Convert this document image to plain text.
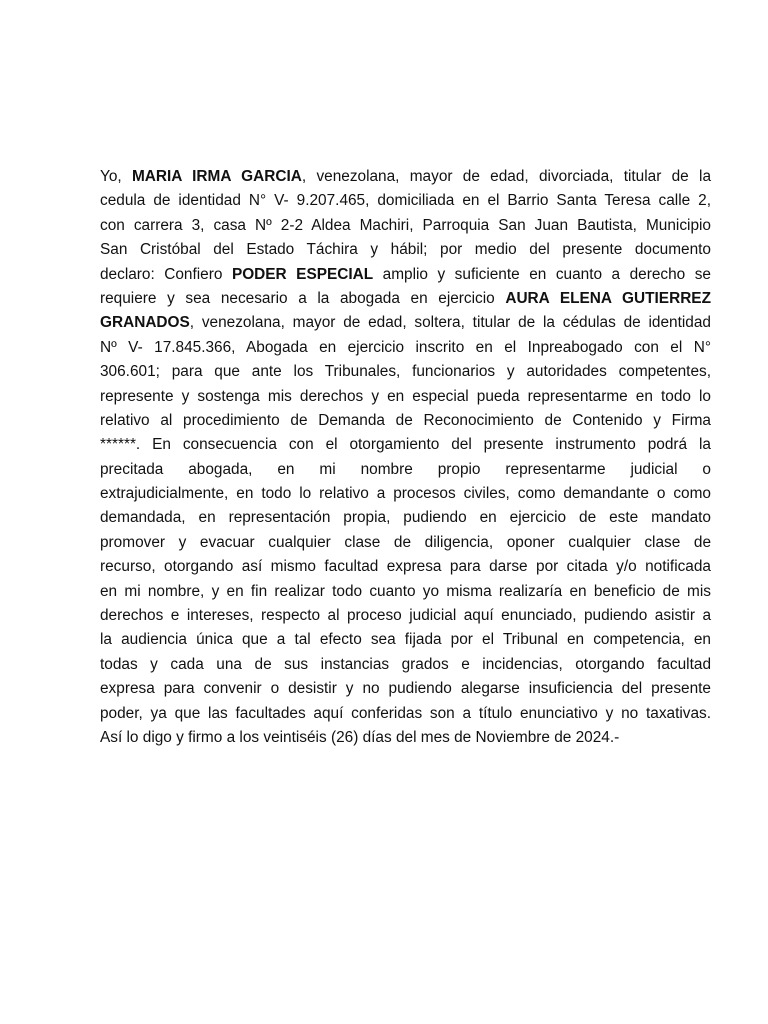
Yo, MARIA IRMA GARCIA, venezolana, mayor de edad, divorciada, titular de la
cedula de identidad N° V- 9.207.465, domiciliada en el Barrio Santa Teresa calle 2,
con carrera 3, casa Nº 2-2 Aldea Machiri, Parroquia San Juan Bautista, Municipio
San Cristóbal del Estado Táchira y hábil; por medio del presente documento
declaro: Confiero PODER ESPECIAL amplio y suficiente en cuanto a derecho se
requiere y sea necesario a la abogada en ejercicio AURA ELENA GUTIERREZ
GRANADOS, venezolana, mayor de edad, soltera, titular de la cédulas de identidad
Nº V- 17.845.366, Abogada en ejercicio inscrito en el Inpreabogado con el N°
306.601; para que ante los Tribunales, funcionarios y autoridades competentes,
represente y sostenga mis derechos y en especial pueda representarme en todo lo
relativo al procedimiento de Demanda de Reconocimiento de Contenido y Firma
******. En consecuencia con el otorgamiento del presente instrumento podrá la
precitada abogada, en mi nombre propio representarme judicial o
extrajudicialmente, en todo lo relativo a procesos civiles, como demandante o como
demandada, en representación propia, pudiendo en ejercicio de este mandato
promover y evacuar cualquier clase de diligencia, oponer cualquier clase de
recurso, otorgando así mismo facultad expresa para darse por citada y/o notificada
en mi nombre, y en fin realizar todo cuanto yo misma realizaría en beneficio de mis
derechos e intereses, respecto al proceso judicial aquí enunciado, pudiendo asistir a
la audiencia única que a tal efecto sea fijada por el Tribunal en competencia, en
todas y cada una de sus instancias grados e incidencias, otorgando facultad
expresa para convenir o desistir y no pudiendo alegarse insuficiencia del presente
poder, ya que las facultades aquí conferidas son a título enunciativo y no taxativas.
Así lo digo y firmo a los veintiséis (26) días del mes de Noviembre de 2024.-
